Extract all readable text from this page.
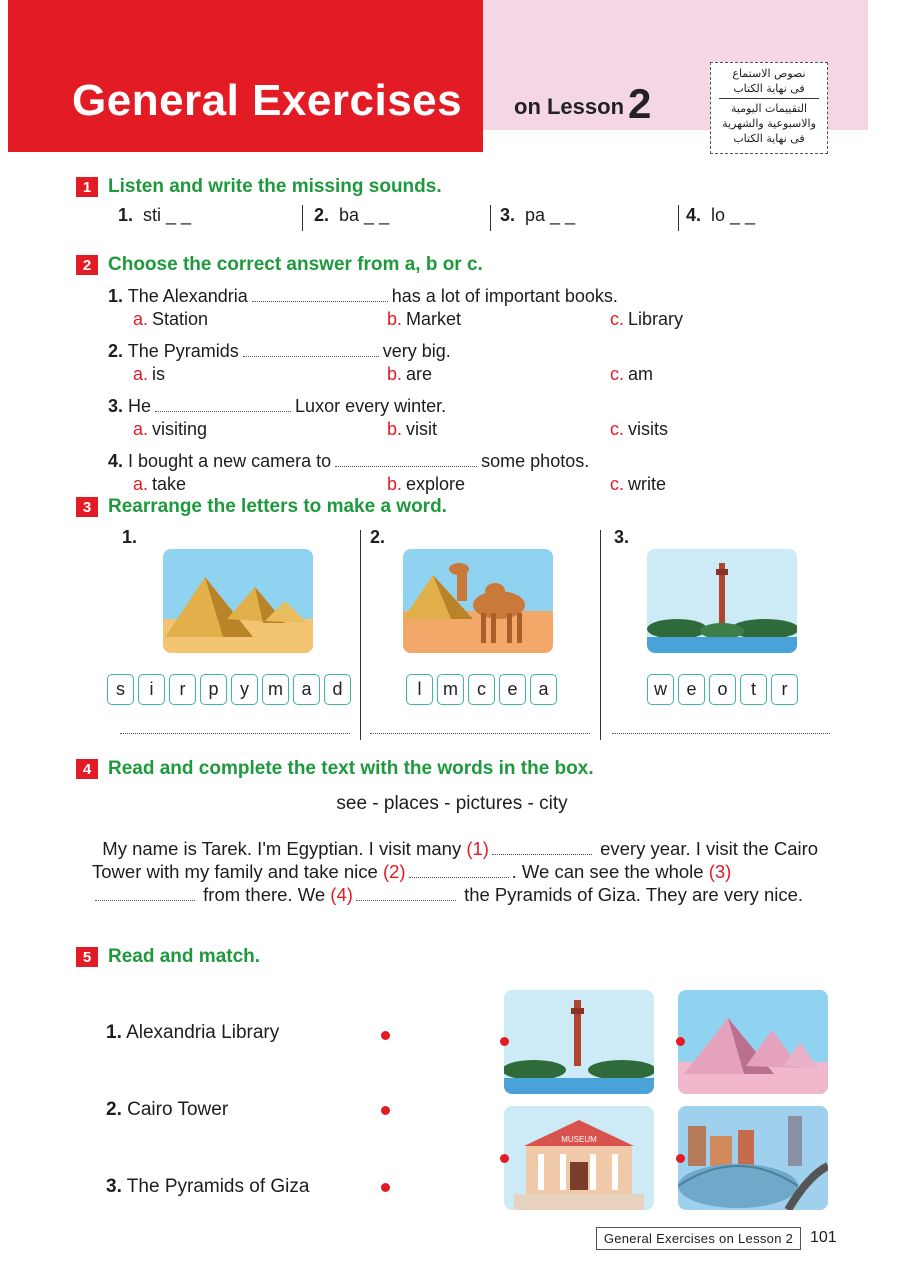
General Exercises on Lesson2
نصوص الاستماع
فى نهاية الكتاب
التقييمات اليومية
والاسبوعية والشهرية
فى نهاية الكتاب
1 Listen and write the missing sounds.
1. sti _ _	2. ba _ _	3. pa _ _	4. lo _ _
2 Choose the correct answer from a, b or c.
1. The Alexandria	has a lot of important books.
a. Station	b. Market	c. Library
2. The Pyramids	very big.
a. is	b. are	c. am
3. He	Luxor every winter.
a. visiting	b. visit	c. visits
4. I bought a new camera to	some photos.
a. take	b. explore	c. write
3 Rearrange the letters to make a word.
1.	2.	3.
s	i	r	p	y	m	a	d	l	m	c	e	a	w	e	o	t	r
4 Read and complete the text with the words in the box.
see - places - pictures - city
My name is Tarek. I'm Egyptian. I visit many (1)	every year. I visit the Cairo Tower with my family and take nice (2)	. We can see the whole (3) from there. We (4)	the Pyramids of Giza. They are very nice.
5 Read and match.
1. Alexandria Library
2. Cairo Tower
3. The Pyramids of Giza
MUSEUM
General Exercises on Lesson 2	101
